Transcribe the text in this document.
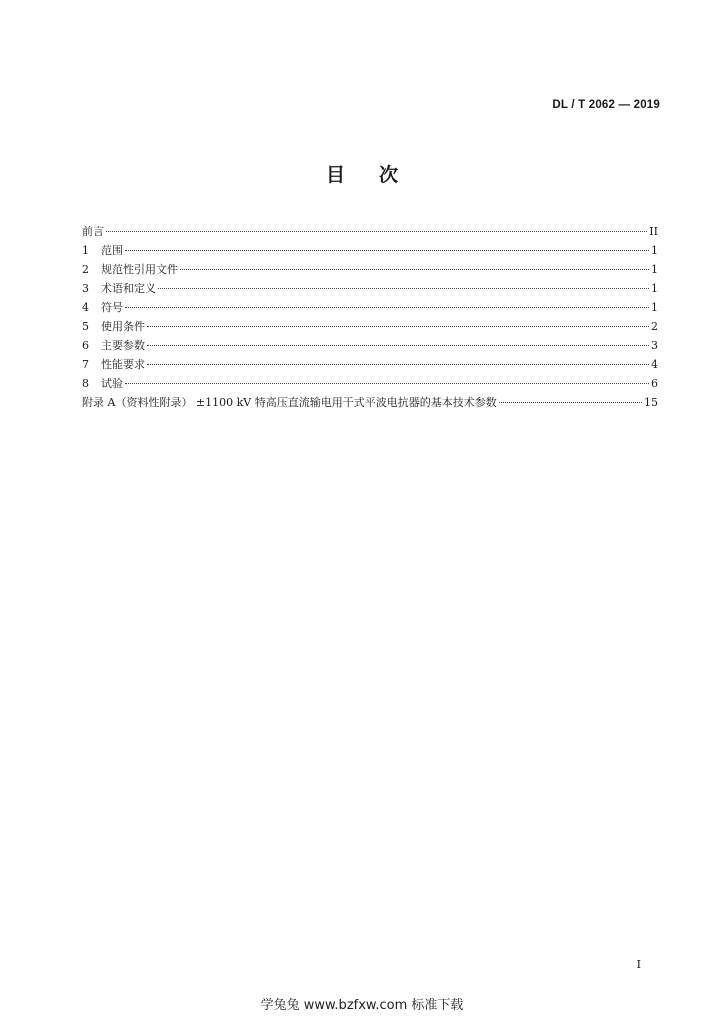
DL / T 2062 — 2019
目次
前言	II
1	范围	1
2	规范性引用文件	1
3	术语和定义	1
4	符号	1
5	使用条件	2
6	主要参数	3
7	性能要求	4
8	试验	6
附录 A（资料性附录） ±1100 kV 特高压直流输电用干式平波电抗器的基本技术参数	15
I
学兔兔 www.bzfxw.com 标准下载
